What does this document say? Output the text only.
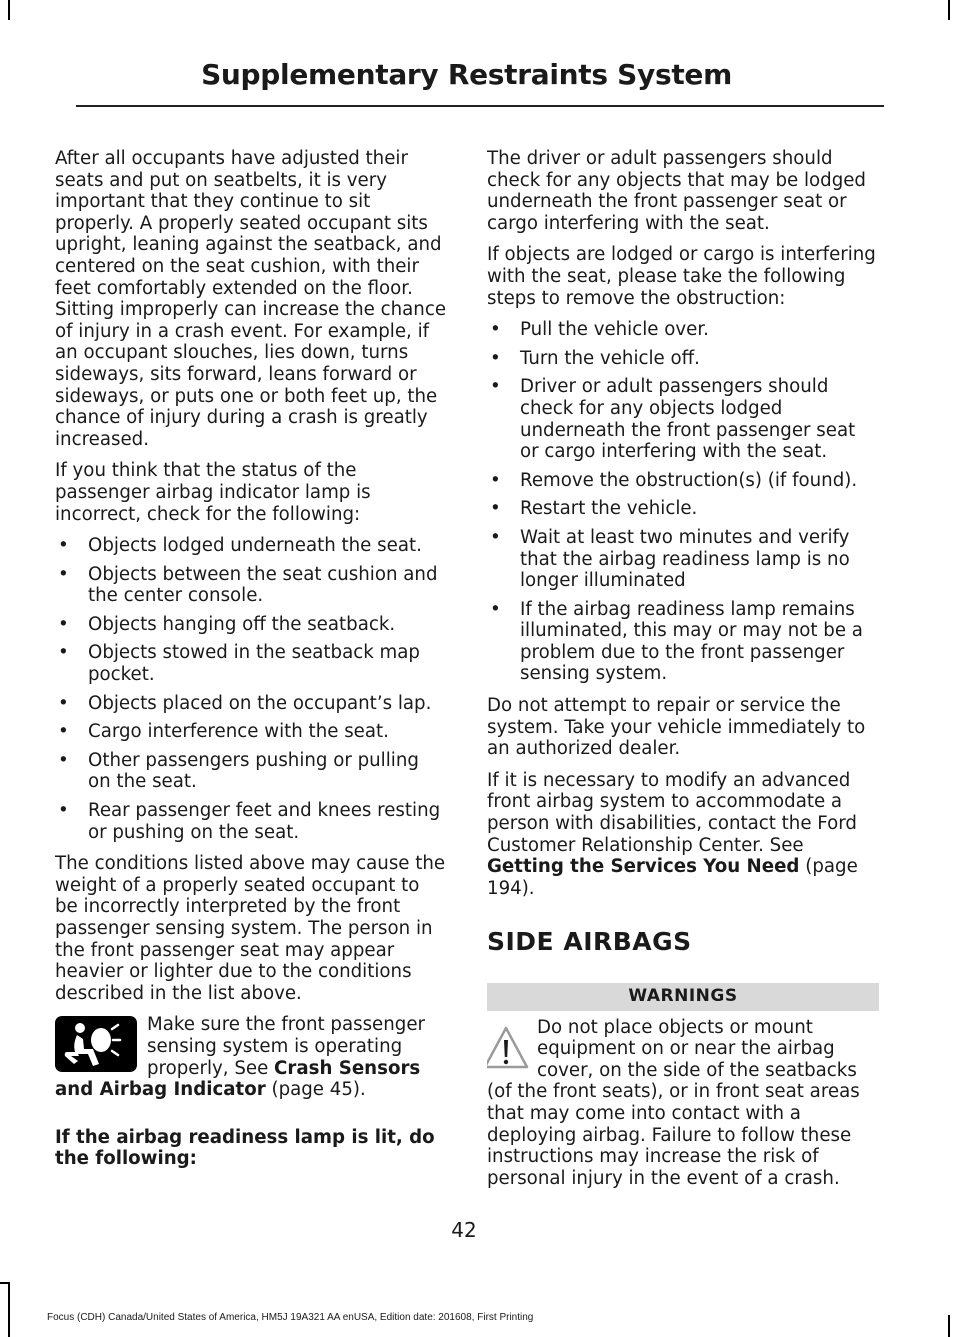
Supplementary Restraints System

After all occupants have adjusted their seats and put on seatbelts, it is very important that they continue to sit properly. A properly seated occupant sits upright, leaning against the seatback, and centered on the seat cushion, with their feet comfortably extended on the floor. Sitting improperly can increase the chance of injury in a crash event. For example, if an occupant slouches, lies down, turns sideways, sits forward, leans forward or sideways, or puts one or both feet up, the chance of injury during a crash is greatly increased.

If you think that the status of the passenger airbag indicator lamp is incorrect, check for the following:

• Objects lodged underneath the seat.
• Objects between the seat cushion and the center console.
• Objects hanging off the seatback.
• Objects stowed in the seatback map pocket.
• Objects placed on the occupant’s lap.
• Cargo interference with the seat.
• Other passengers pushing or pulling on the seat.
• Rear passenger feet and knees resting or pushing on the seat.

The conditions listed above may cause the weight of a properly seated occupant to be incorrectly interpreted by the front passenger sensing system. The person in the front passenger seat may appear heavier or lighter due to the conditions described in the list above.

Make sure the front passenger sensing system is operating properly, See Crash Sensors and Airbag Indicator (page 45).

If the airbag readiness lamp is lit, do the following:

The driver or adult passengers should check for any objects that may be lodged underneath the front passenger seat or cargo interfering with the seat.

If objects are lodged or cargo is interfering with the seat, please take the following steps to remove the obstruction:

• Pull the vehicle over.
• Turn the vehicle off.
• Driver or adult passengers should check for any objects lodged underneath the front passenger seat or cargo interfering with the seat.
• Remove the obstruction(s) (if found).
• Restart the vehicle.
• Wait at least two minutes and verify that the airbag readiness lamp is no longer illuminated
• If the airbag readiness lamp remains illuminated, this may or may not be a problem due to the front passenger sensing system.

Do not attempt to repair or service the system. Take your vehicle immediately to an authorized dealer.

If it is necessary to modify an advanced front airbag system to accommodate a person with disabilities, contact the Ford Customer Relationship Center. See Getting the Services You Need (page 194).

SIDE AIRBAGS
WARNINGS
Do not place objects or mount equipment on or near the airbag cover, on the side of the seatbacks (of the front seats), or in front seat areas that may come into contact with a deploying airbag. Failure to follow these instructions may increase the risk of personal injury in the event of a crash.
42
Focus (CDH) Canada/United States of America, HM5J 19A321 AA enUSA, Edition date: 201608, First Printing
